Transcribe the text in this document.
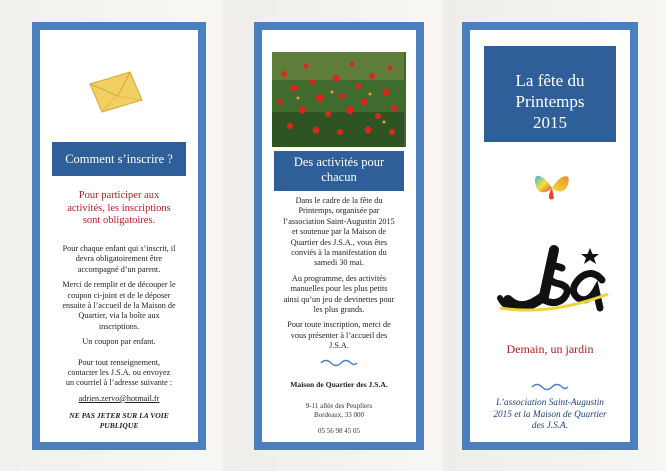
Comment s’inscrire ?
Pour participer aux
activités, les inscriptions
sont obligatoires.
Pour chaque enfant qui s’inscrit, il
devra obligatoirement être
accompagné d’un parent.
Merci de remplir et de découper le
coupon ci-joint et de le déposer
ensuite à l’accueil de la Maison de
Quartier, via la boîte aux
inscriptions.
Un coupon par enfant.
Pour tout renseignement,
contacter les J.S.A. ou envoyez
un courriel à l’adresse suivante :
adrien.zervo@hotmail.fr
NE PAS JETER SUR LA VOIE
PUBLIQUE
Des activités pour
chacun
Dans le cadre de la fête du
Printemps, organisée par
l’association Saint-Augustin 2015
et soutenue par la Maison de
Quartier des J.S.A., vous êtes
conviés à la manifestation du
samedi 30 mai.
Au programme, des activités
manuelles pour les plus petits
ainsi qu’un jeu de devinettes pour
les plus grands.
Pour toute inscription, merci de
vous présenter à l’accueil des
J.S.A.
Maison de Quartier des J.S.A.
9-11 allée des Peupliers
Bordeaux, 33 000
05 56 98 45 05
La fête du
Printemps
2015
Demain, un jardin
L’association Saint-Augustin
2015 et la Maison de Quartier
des J.S.A.
